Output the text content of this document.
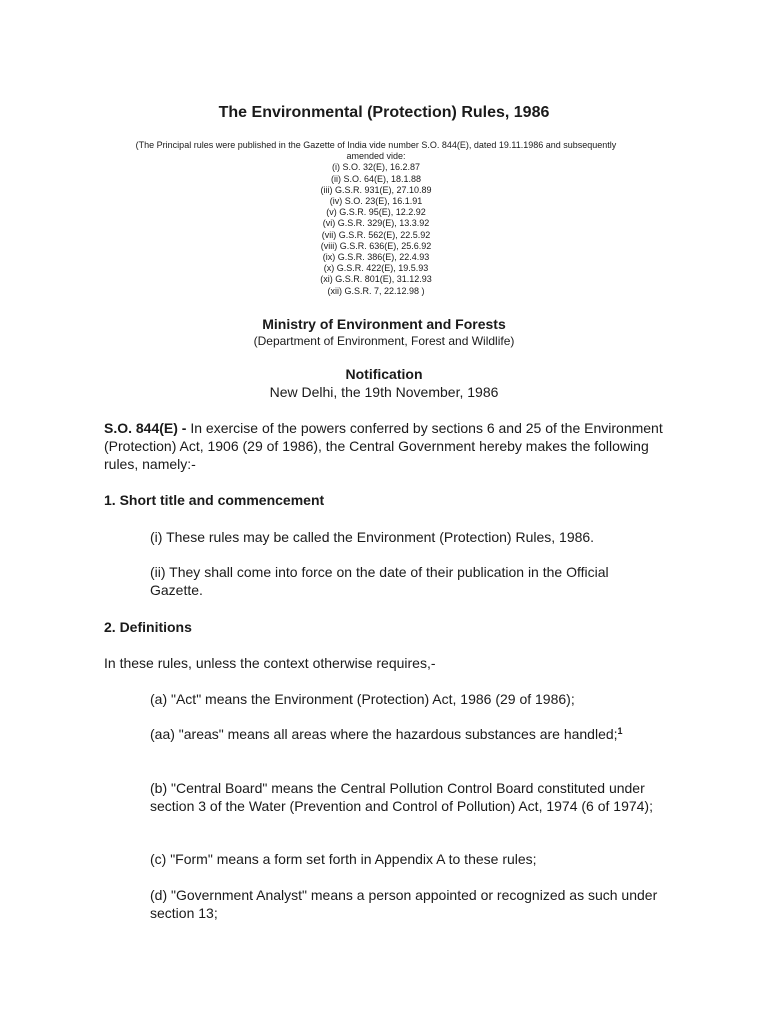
The Environmental (Protection) Rules, 1986
(The Principal rules were published in the Gazette of India vide number S.O. 844(E), dated 19.11.1986 and subsequently amended vide:
(i) S.O. 32(E), 16.2.87
(ii) S.O. 64(E), 18.1.88
(iii) G.S.R. 931(E), 27.10.89
(iv) S.O. 23(E), 16.1.91
(v) G.S.R. 95(E), 12.2.92
(vi) G.S.R. 329(E), 13.3.92
(vii) G.S.R. 562(E), 22.5.92
(viii) G.S.R. 636(E), 25.6.92
(ix) G.S.R. 386(E), 22.4.93
(x) G.S.R. 422(E), 19.5.93
(xi) G.S.R. 801(E), 31.12.93
(xii) G.S.R. 7, 22.12.98 )
Ministry of Environment and Forests
(Department of Environment, Forest and Wildlife)
Notification
New Delhi, the 19th November, 1986
S.O. 844(E) - In exercise of the powers conferred by sections 6 and 25 of the Environment (Protection) Act, 1906 (29 of 1986), the Central Government hereby makes the following rules, namely:-
1. Short title and commencement
(i) These rules may be called the Environment (Protection) Rules, 1986.
(ii) They shall come into force on the date of their publication in the Official Gazette.
2. Definitions
In these rules, unless the context otherwise requires,-
(a) "Act" means the Environment (Protection) Act, 1986 (29 of 1986);
(aa) "areas" means all areas where the hazardous substances are handled;$^1$
(b) "Central Board" means the Central Pollution Control Board constituted under section 3 of the Water (Prevention and Control of Pollution) Act, 1974 (6 of 1974);
(c) "Form" means a form set forth in Appendix A to these rules;
(d) "Government Analyst" means a person appointed or recognized as such under section 13;
